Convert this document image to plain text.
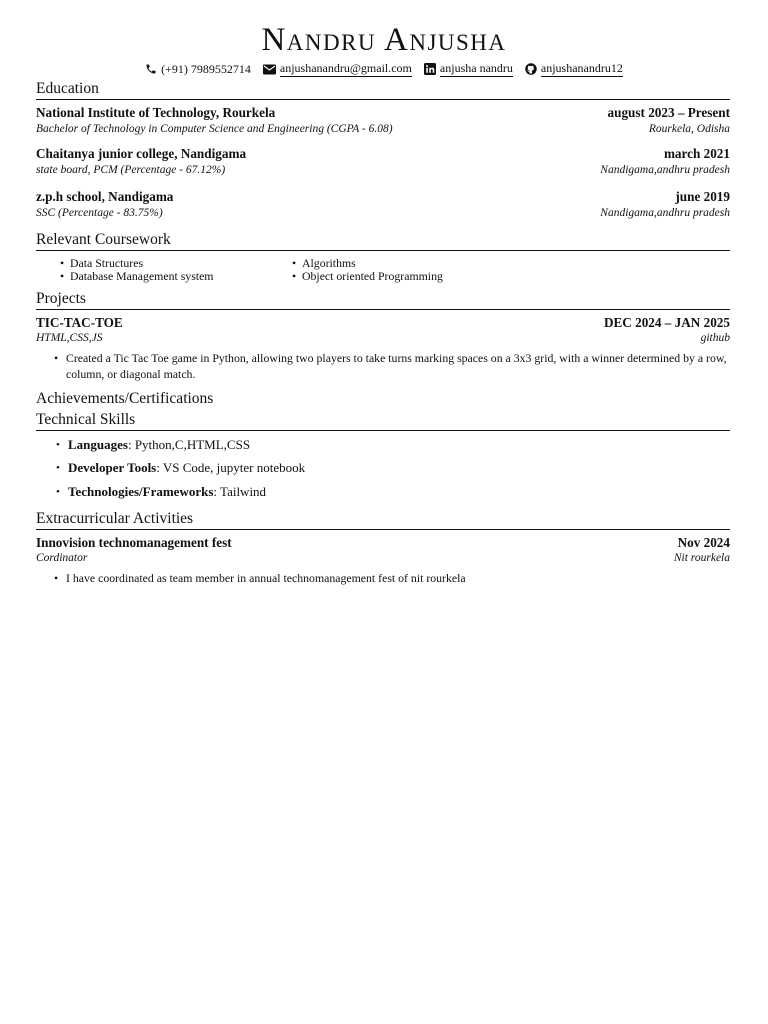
Nandru Anjusha
(+91) 7989552714 anjushanandru@gmail.com anjusha nandru anjushanandru12
Education
National Institute of Technology, Rourkela	august 2023 – Present
Bachelor of Technology in Computer Science and Engineering (CGPA - 6.08)	Rourkela, Odisha
Chaitanya junior college, Nandigama	march 2021
state board, PCM (Percentage - 67.12%)	Nandigama,andhru pradesh
z.p.h school, Nandigama	june 2019
SSC (Percentage - 83.75%)	Nandigama,andhru pradesh
Relevant Coursework
• Data Structures
• Database Management system
• Algorithms
• Object oriented Programming
Projects
TIC-TAC-TOE	DEC 2024 – JAN 2025
HTML,CSS,JS	github
• Created a Tic Tac Toe game in Python, allowing two players to take turns marking spaces on a 3x3 grid, with a winner determined by a row, column, or diagonal match.
Achievements/Certifications
Technical Skills
• Languages: Python,C,HTML,CSS
• Developer Tools: VS Code, jupyter notebook
• Technologies/Frameworks: Tailwind
Extracurricular Activities
Innovision technomanagement fest	Nov 2024
Cordinator	Nit rourkela
• I have coordinated as team member in annual technomanagement fest of nit rourkela
